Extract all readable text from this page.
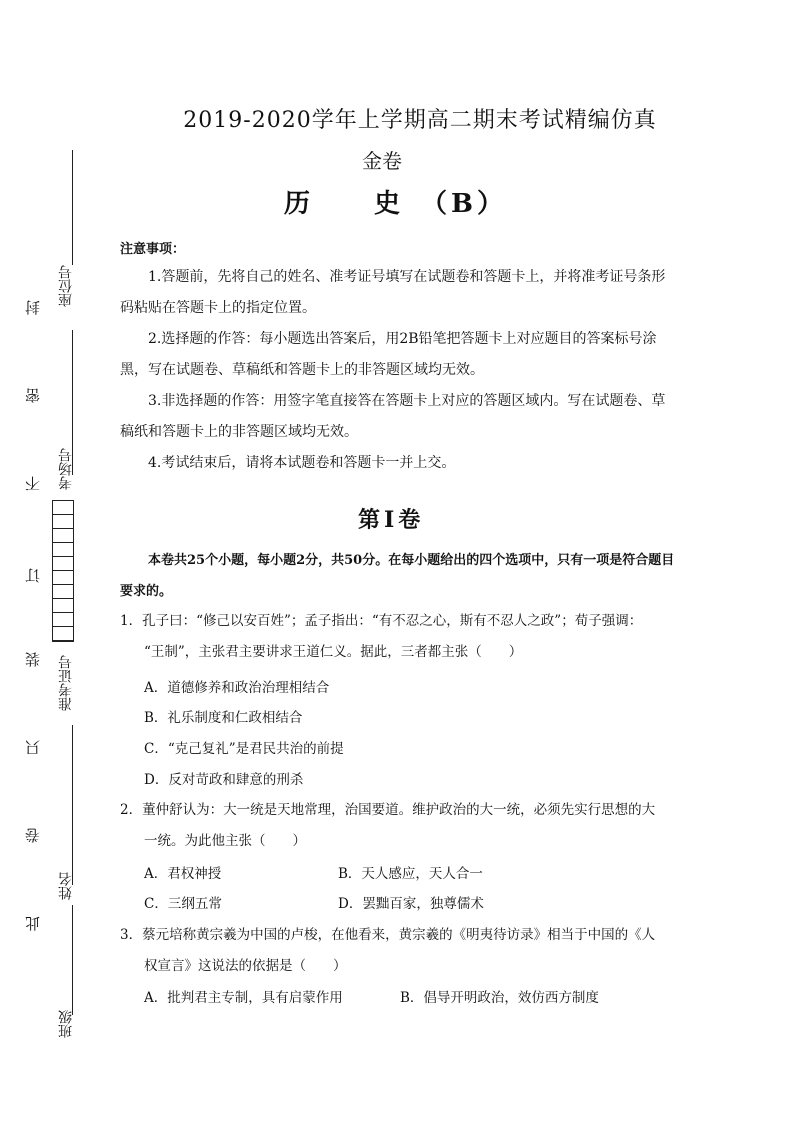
座位号
考场号
准考证号
姓名
班级
封
密
不
订
装
只
卷
此
2019-2020学年上学期高二期末考试精编仿真
金卷
历　　史　（B）
注意事项：
1.答题前，先将自己的姓名、准考证号填写在试题卷和答题卡上，并将准考证号条形码粘贴在答题卡上的指定位置。
2.选择题的作答：每小题选出答案后，用2B铅笔把答题卡上对应题目的答案标号涂黑，写在试题卷、草稿纸和答题卡上的非答题区域均无效。
3.非选择题的作答：用签字笔直接答在答题卡上对应的答题区域内。写在试题卷、草稿纸和答题卡上的非答题区域均无效。
4.考试结束后，请将本试题卷和答题卡一并上交。
第Ⅰ卷
本卷共25个小题，每小题2分，共50分。在每小题给出的四个选项中，只有一项是符合题目要求的。
1．孔子曰：“修己以安百姓”；孟子指出：“有不忍之心，斯有不忍人之政”；荀子强调：
“王制”，主张君主要讲求王道仁义。据此，三者都主张（　　）
A．道德修养和政治治理相结合
B．礼乐制度和仁政相结合
C．“克己复礼”是君民共治的前提
D．反对苛政和肆意的刑杀
2．董仲舒认为：大一统是天地常理，治国要道。维护政治的大一统，必须先实行思想的大
一统。为此他主张（　　）
A．君权神授	B．天人感应，天人合一
C．三纲五常	D．罢黜百家，独尊儒术
3．蔡元培称黄宗羲为中国的卢梭，在他看来，黄宗羲的《明夷待访录》相当于中国的《人
权宣言》这说法的依据是（　　）
A．批判君主专制，具有启蒙作用	B．倡导开明政治，效仿西方制度
